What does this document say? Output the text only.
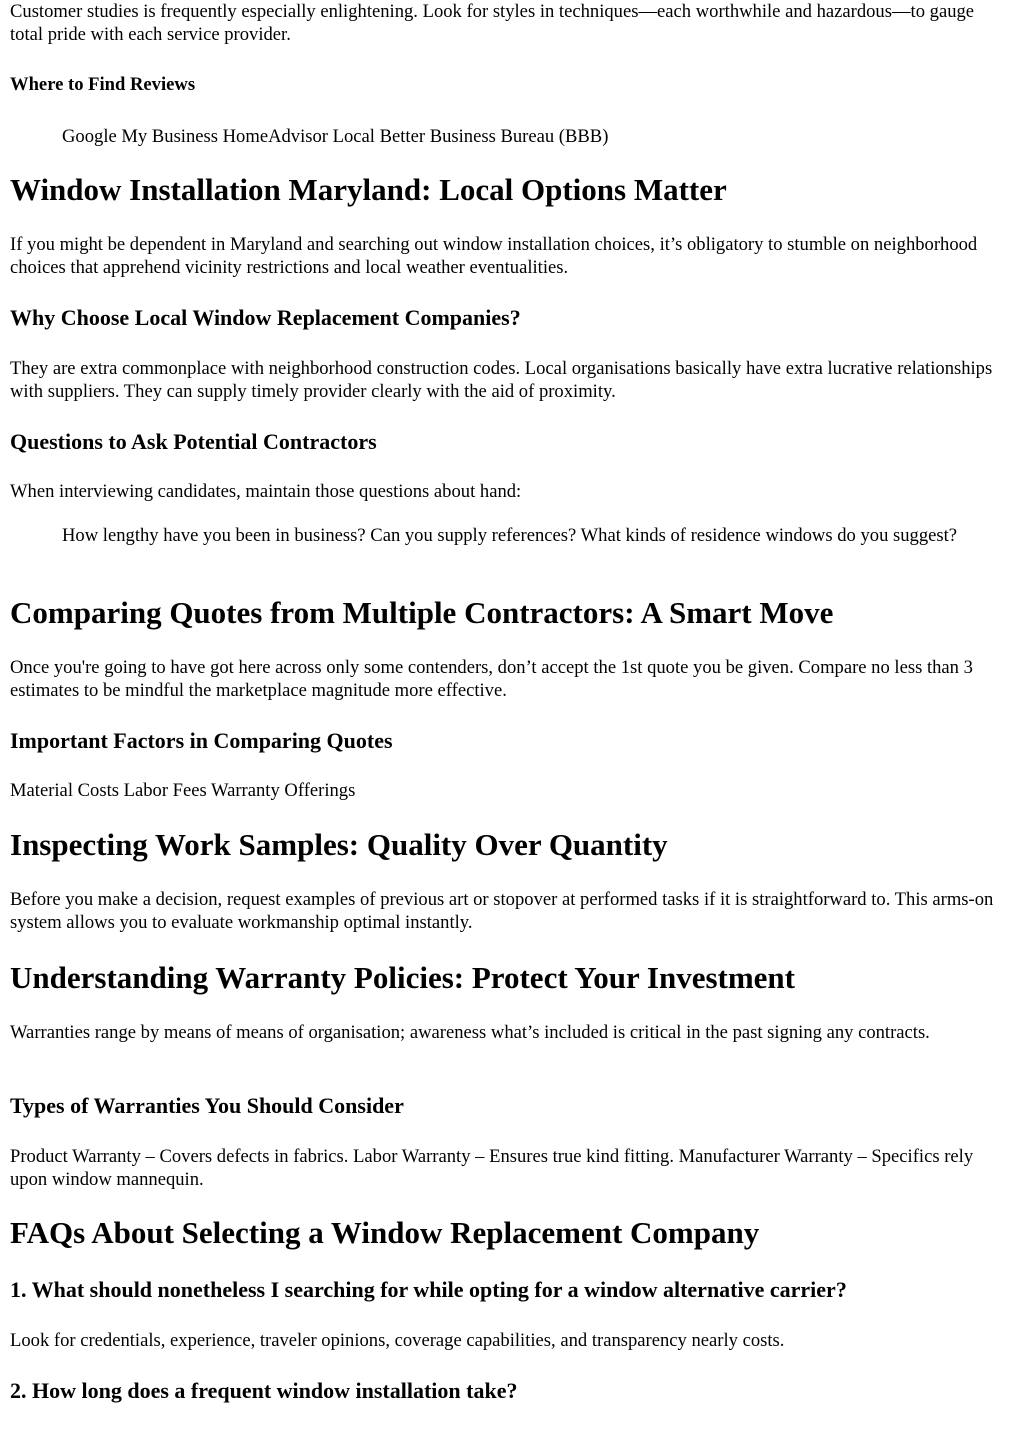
Customer studies is frequently especially enlightening. Look for styles in techniques—each worthwhile and hazardous—to gauge total pride with each service provider.

Where to Find Reviews

Google My Business HomeAdvisor Local Better Business Bureau (BBB)

Window Installation Maryland: Local Options Matter

If you might be dependent in Maryland and searching out window installation choices, it’s obligatory to stumble on neighborhood choices that apprehend vicinity restrictions and local weather eventualities.

Why Choose Local Window Replacement Companies?

They are extra commonplace with neighborhood construction codes. Local organisations basically have extra lucrative relationships with suppliers. They can supply timely provider clearly with the aid of proximity.

Questions to Ask Potential Contractors

When interviewing candidates, maintain those questions about hand:

How lengthy have you been in business? Can you supply references? What kinds of residence windows do you suggest?

Comparing Quotes from Multiple Contractors: A Smart Move

Once you're going to have got here across only some contenders, don’t accept the 1st quote you be given. Compare no less than 3 estimates to be mindful the marketplace magnitude more effective.

Important Factors in Comparing Quotes

Material Costs Labor Fees Warranty Offerings

Inspecting Work Samples: Quality Over Quantity

Before you make a decision, request examples of previous art or stopover at performed tasks if it is straightforward to. This arms-on system allows you to evaluate workmanship optimal instantly.

Understanding Warranty Policies: Protect Your Investment

Warranties range by means of means of organisation; awareness what’s included is critical in the past signing any contracts.

Types of Warranties You Should Consider

Product Warranty – Covers defects in fabrics. Labor Warranty – Ensures true kind fitting. Manufacturer Warranty – Specifics rely upon window mannequin.

FAQs About Selecting a Window Replacement Company
1. What should nonetheless I searching for while opting for a window alternative carrier?

Look for credentials, experience, traveler opinions, coverage capabilities, and transparency nearly costs.

2. How long does a frequent window installation take?
